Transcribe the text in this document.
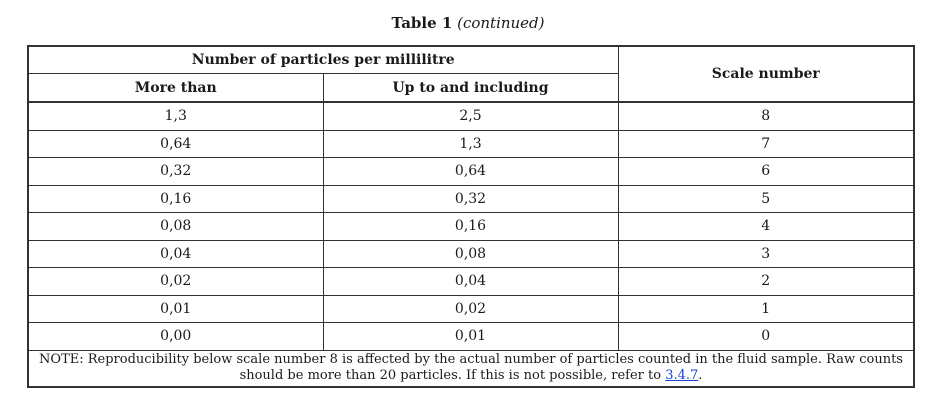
Table 1 (continued)
Number of particles per millilitre		Scale number
More than	Up to and including	
1,3	2,5	8
0,64	1,3	7
0,32	0,64	6
0,16	0,32	5
0,08	0,16	4
0,04	0,08	3
0,02	0,04	2
0,01	0,02	1
0,00	0,01	0
NOTE: Reproducibility below scale number 8 is affected by the actual number of particles counted in the fluid sample. Raw counts should be more than 20 particles. If this is not possible, refer to 3.4.7.		
